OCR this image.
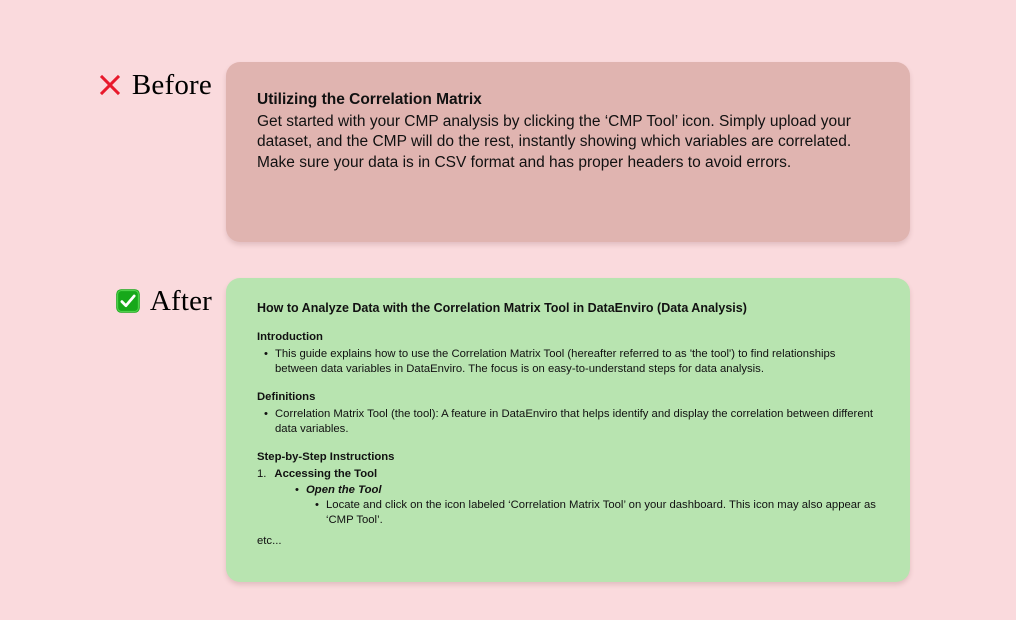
Before	Utilizing the Correlation Matrix
Get started with your CMP analysis by clicking the ‘CMP Tool’ icon. Simply upload your dataset, and the CMP will do the rest, instantly showing which variables are correlated. Make sure your data is in CSV format and has proper headers to avoid errors.
After	How to Analyze Data with the Correlation Matrix Tool in DataEnviro (Data Analysis)
Introduction
• This guide explains how to use the Correlation Matrix Tool (hereafter referred to as 'the tool') to find relationships between data variables in DataEnviro. The focus is on easy-to-understand steps for data analysis.
Definitions
• Correlation Matrix Tool (the tool): A feature in DataEnviro that helps identify and display the correlation between different data variables.
Step-by-Step Instructions
1. Accessing the Tool
• Open the Tool
• Locate and click on the icon labeled ‘Correlation Matrix Tool’ on your dashboard. This icon may also appear as ‘CMP Tool’.
etc...
